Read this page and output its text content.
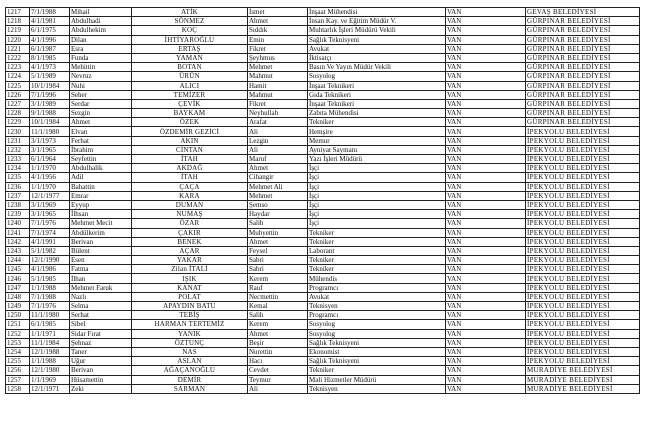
1217	7/1/1988	Mihail	ATİK	İsmet	İnşaat Mühendisi	VAN	GEVAŞ BELEDİYESİ
1218	4/1/1981	Abdulhadi	SÖNMEZ	Ahmet	İnsan Kay. ve Eğitim Müdür V.	VAN	GÜRPINAR BELEDİYESİ
1219	6/1/1975	Abdulhekim	KOÇ	Sıddık	Muhtarlık İşleri Müdürü Vekili	VAN	GÜRPINAR BELEDİYESİ
1220	4/1/1996	Dilan	İHTİYAROĞLU	Emin	Sağlık Teknisyeni	VAN	GÜRPINAR BELEDİYESİ
1221	6/1/1987	Esra	ERTAŞ	Fikret	Avukat	VAN	GÜRPINAR BELEDİYESİ
1222	8/1/1985	Funda	YAMAN	Şeyhmus	İktisatçı	VAN	GÜRPINAR BELEDİYESİ
1223	4/1/1973	Mehittin	BOTAN	Mehmet	Basın Ve Yayın Müdür Vekili	VAN	GÜRPINAR BELEDİYESİ
1224	5/1/1989	Nevruz	ÜRÜN	Mahmut	Sosyolog	VAN	GÜRPINAR BELEDİYESİ
1225	10/1/1984	Nuhi	ALICI	Hamit	İnşaat Teknikeri	VAN	GÜRPINAR BELEDİYESİ
1226	7/1/1996	Seher	TEMİZER	Mahmut	Gıda Teknikeri	VAN	GÜRPINAR BELEDİYESİ
1227	3/1/1989	Serdar	ÇEVİK	Fikret	İnşaat Teknikeri	VAN	GÜRPINAR BELEDİYESİ
1228	9/1/1988	Sezgin	BAYKAM	Neyhullah	Zabıta Mühendisi	VAN	GÜRPINAR BELEDİYESİ
1229	10/1/1984	Ahmet	ÖZEK	Arafat	Tekniker	VAN	GÜRPINAR BELEDİYESİ
1230	11/1/1980	Elvan	ÖZDEMİR GEZİCİ	Ali	Hemşire	VAN	İPEKYOLU BELEDİYESİ
1231	3/1/1973	Ferhat	AKIN	Lezgin	Memur	VAN	İPEKYOLU BELEDİYESİ
1232	3/1/1965	İbrahim	CİNTAN	Ali	Ayniyat Saymanı	VAN	İPEKYOLU BELEDİYESİ
1233	6/1/1964	Seyfettin	İTAH	Maruf	Yazı İşleri Müdürü	VAN	İPEKYOLU BELEDİYESİ
1234	1/1/1970	Abdulhalik	AKDAĞ	Ahmet	İşçi	VAN	İPEKYOLU BELEDİYESİ
1235	4/1/1956	Adil	İTAH	Cihangir	İşçi	VAN	İPEKYOLU BELEDİYESİ
1236	1/1/1970	Bahattin	ÇAÇA	Mehmet Ali	İşçi	VAN	İPEKYOLU BELEDİYESİ
1237	12/1/1977	Emrar	KARA	Mehmet	İşçi	VAN	İPEKYOLU BELEDİYESİ
1238	3/1/1969	Eyyup	DUMAN	Şemso	İşçi	VAN	İPEKYOLU BELEDİYESİ
1239	3/1/1965	İlhsan	NUMAŞ	Haydar	İşçi	VAN	İPEKYOLU BELEDİYESİ
1240	7/1/1976	Mehmet Mecit	ÖZAR	Salih	İşçi	VAN	İPEKYOLU BELEDİYESİ
1241	7/1/1974	Abdülkerim	ÇAKIR	Muhyettin	Tekniker	VAN	İPEKYOLU BELEDİYESİ
1242	4/1/1991	Berivan	BENEK	Ahmet	Tekniker	VAN	İPEKYOLU BELEDİYESİ
1243	5/1/1982	Bülent	AÇAR	Feysel	Laborant	VAN	İPEKYOLU BELEDİYESİ
1244	12/1/1990	Esen	YAKAR	Sabri	Tekniker	VAN	İPEKYOLU BELEDİYESİ
1245	4/1/1986	Fatma	Zilan İTALİ	Sabri	Tekniker	VAN	İPEKYOLU BELEDİYESİ
1246	5/1/1985	İlhan	IŞIK	Kerem	Mühendis	VAN	İPEKYOLU BELEDİYESİ
1247	1/1/1988	Mehmet Faruk	KANAT	Rauf	Programcı	VAN	İPEKYOLU BELEDİYESİ
1248	7/1/1988	Nazlı	POLAT	Necmettin	Avukat	VAN	İPEKYOLU BELEDİYESİ
1249	7/1/1976	Selma	APAYDIN BATU	Kemal	Teknisyen	VAN	İPEKYOLU BELEDİYESİ
1250	11/1/1980	Serhat	TEBİŞ	Salih	Programcı	VAN	İPEKYOLU BELEDİYESİ
1251	6/1/1985	Sibel	HARMAN TERTEMİZ	Kerem	Sosyolog	VAN	İPEKYOLU BELEDİYESİ
1252	1/1/1971	Sidar Fırat	YANIK	Ahmet	Sosyolog	VAN	İPEKYOLU BELEDİYESİ
1253	11/1/1984	Şehnaz	ÖZTUNÇ	Beşir	Sağlık Teknisyeni	VAN	İPEKYOLU BELEDİYESİ
1254	12/1/1988	Taner	NAS	Nurettin	Ekonomist	VAN	İPEKYOLU BELEDİYESİ
1255	1/1/1988	Uğur	ASLAN	Hacı	Sağlık Teknisyeni	VAN	İPEKYOLU BELEDİYESİ
1256	12/1/1980	Berivan	AĞAÇANOĞLU	Cevdet	Tekniker	VAN	MURADİYE BELEDİYESİ
1257	1/1/1969	Hüsamettin	DEMİR	Teymur	Mali Hizmetler Müdürü	VAN	MURADİYE BELEDİYESİ
1258	12/1/1971	Zeki	SARMAN	Ali	Teknisyen	VAN	MURADİYE BELEDİYESİ
